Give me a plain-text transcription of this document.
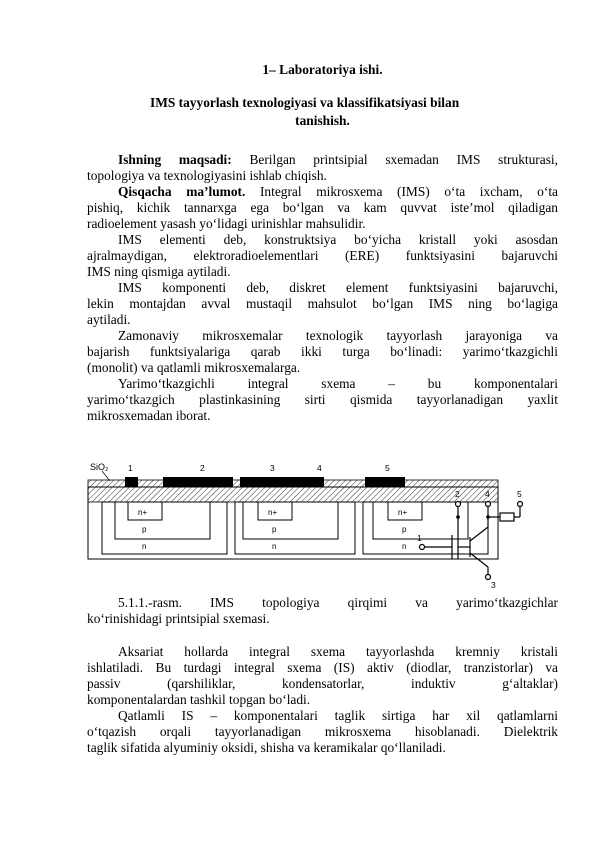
1– Laboratoriya ishi.
IMS tayyorlash texnologiyasi va klassifikatsiyasi bilan
tanishish.
Ishning maqsadi: Berilgan printsipial sxemadan IMS strukturasi,
topologiya va texnologiyasini ishlab chiqish.
Qisqacha ma’lumot. Integral mikrosxema (IMS) o‘ta ixcham, o‘ta
pishiq, kichik tannarxga ega bo‘lgan va kam quvvat iste’mol qiladigan
radioelement yasash yo‘lidagi urinishlar mahsulidir.
IMS elementi deb, konstruktsiya bo‘yicha kristall yoki asosdan
ajralmaydigan, elektroradioelementlari (ERE) funktsiyasini bajaruvchi
IMS ning qismiga aytiladi.
IMS komponenti deb, diskret element funktsiyasini bajaruvchi,
lekin montajdan avval mustaqil mahsulot bo‘lgan IMS ning bo‘lagiga
aytiladi.
Zamonaviy mikrosxemalar texnologik tayyorlash jarayoniga va
bajarish funktsiyalariga qarab ikki turga bo‘linadi: yarimo‘tkazgichli
(monolit) va qatlamli mikrosxemalarga.
Yarimo‘tkazgichli integral sxema – bu komponentalari
yarimo‘tkazgich plastinkasining sirti qismida tayyorlanadigan yaxlit
mikrosxemadan iborat.
SiO₂ 1	2	3	4	5
n+	n+	n+
p	p	p
n	n	n
1
2
3
4	5
5.1.1.-rasm. IMS topologiya qirqimi va yarimo‘tkazgichlar
ko‘rinishidagi printsipial sxemasi.
Aksariat hollarda integral sxema tayyorlashda kremniy kristali
ishlatiladi. Bu turdagi integral sxema (IS) aktiv (diodlar, tranzistorlar) va
passiv (qarshiliklar, kondensatorlar, induktiv g‘altaklar)
komponentalardan tashkil topgan bo‘ladi.
Qatlamli IS – komponentalari taglik sirtiga har xil qatlamlarni
o‘tqazish orqali tayyorlanadigan mikrosxema hisoblanadi. Dielektrik
taglik sifatida alyuminiy oksidi, shisha va keramikalar qo‘llaniladi.
